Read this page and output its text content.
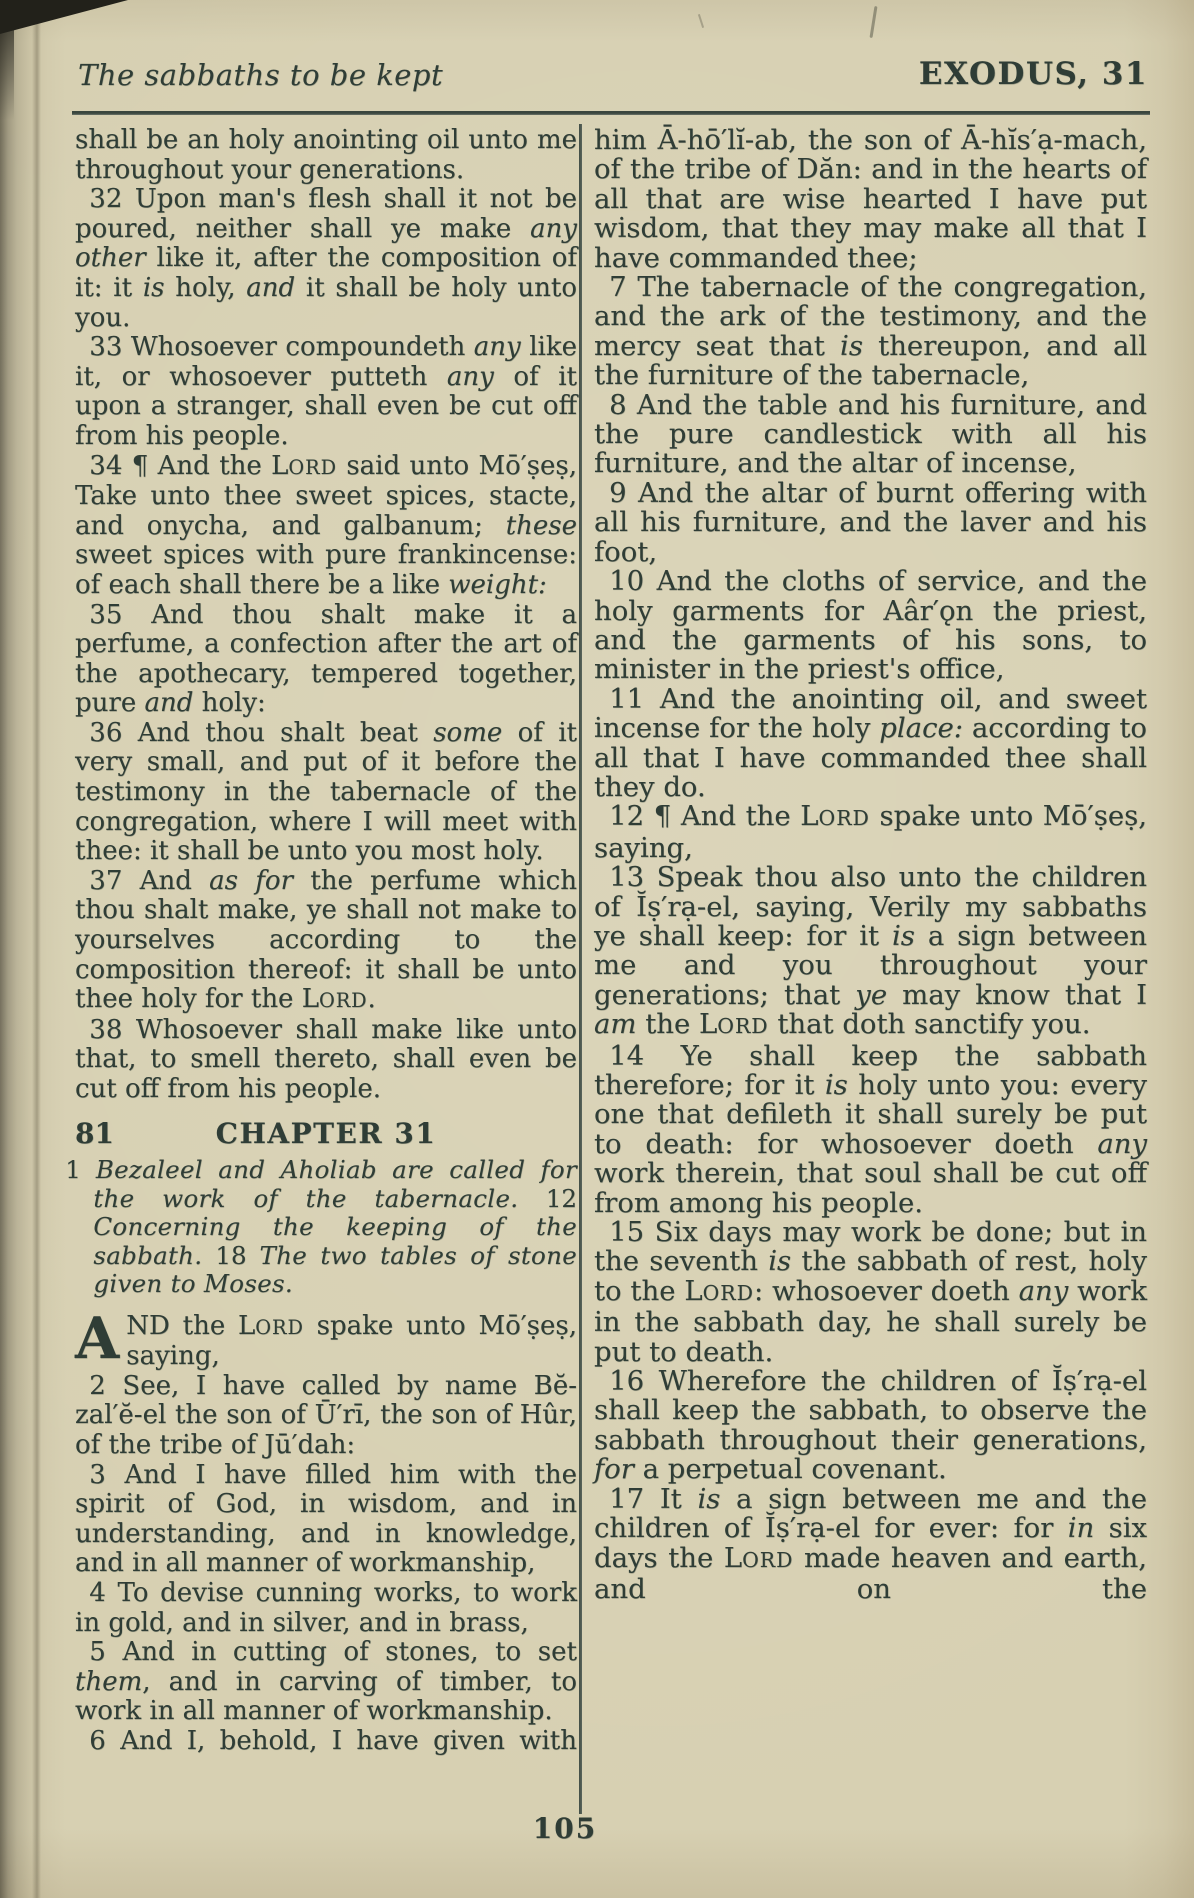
The sabbaths to be kept	EXODUS, 31

shall be an holy anointing oil unto me throughout your generations.

32 Upon man's flesh shall it not be poured, neither shall ye make any other like it, after the composition of it: it is holy, and it shall be holy unto you.

33 Whosoever compoundeth any like it, or whosoever putteth any of it upon a stranger, shall even be cut off from his people.

34 ¶ And the LORD said unto Mō′ṣeṣ, Take unto thee sweet spices, stacte, and onycha, and galbanum; these sweet spices with pure frankincense: of each shall there be a like weight:

35 And thou shalt make it a perfume, a confection after the art of the apothecary, tempered together, pure and holy:

36 And thou shalt beat some of it very small, and put of it before the testimony in the tabernacle of the congregation, where I will meet with thee: it shall be unto you most holy.

37 And as for the perfume which thou shalt make, ye shall not make to yourselves according to the composition thereof: it shall be unto thee holy for the LORD.

38 Whosoever shall make like unto that, to smell thereto, shall even be cut off from his people.

81	CHAPTER 31

1 Bezaleel and Aholiab are called for the work of the tabernacle. 12 Concerning the keeping of the sabbath. 18 The two tables of stone given to Moses.

AND the LORD spake unto Mō′ṣeṣ, saying,

2 See, I have called by name Bĕ-zal′ĕ-el the son of Ū′rī, the son of Hûr, of the tribe of Jū′dah:

3 And I have filled him with the spirit of God, in wisdom, and in understanding, and in knowledge, and in all manner of workmanship,

4 To devise cunning works, to work in gold, and in silver, and in brass,

5 And in cutting of stones, to set them, and in carving of timber, to work in all manner of workmanship.

6 And I, behold, I have given with

him Ā-hō′lĭ-ab, the son of Ā-hĭs′ạ-mach, of the tribe of Dăn: and in the hearts of all that are wise hearted I have put wisdom, that they may make all that I have commanded thee;

7 The tabernacle of the congregation, and the ark of the testimony, and the mercy seat that is thereupon, and all the furniture of the tabernacle,

8 And the table and his furniture, and the pure candlestick with all his furniture, and the altar of incense,

9 And the altar of burnt offering with all his furniture, and the laver and his foot,

10 And the cloths of service, and the holy garments for Aâr′ǫn the priest, and the garments of his sons, to minister in the priest's office,

11 And the anointing oil, and sweet incense for the holy place: according to all that I have commanded thee shall they do.

12 ¶ And the LORD spake unto Mō′ṣeṣ, saying,

13 Speak thou also unto the children of Ĭṣ′rạ-el, saying, Verily my sabbaths ye shall keep: for it is a sign between me and you throughout your generations; that ye may know that I am the LORD that doth sanctify you.

14 Ye shall keep the sabbath therefore; for it is holy unto you: every one that defileth it shall surely be put to death: for whosoever doeth any work therein, that soul shall be cut off from among his people.

15 Six days may work be done; but in the seventh is the sabbath of rest, holy to the LORD: whosoever doeth any work in the sabbath day, he shall surely be put to death.

16 Wherefore the children of Ĭṣ′rạ-el shall keep the sabbath, to observe the sabbath throughout their generations, for a perpetual covenant.

17 It is a sign between me and the children of Ĭṣ′rạ-el for ever: for in six days the LORD made heaven and earth, and on the

105
